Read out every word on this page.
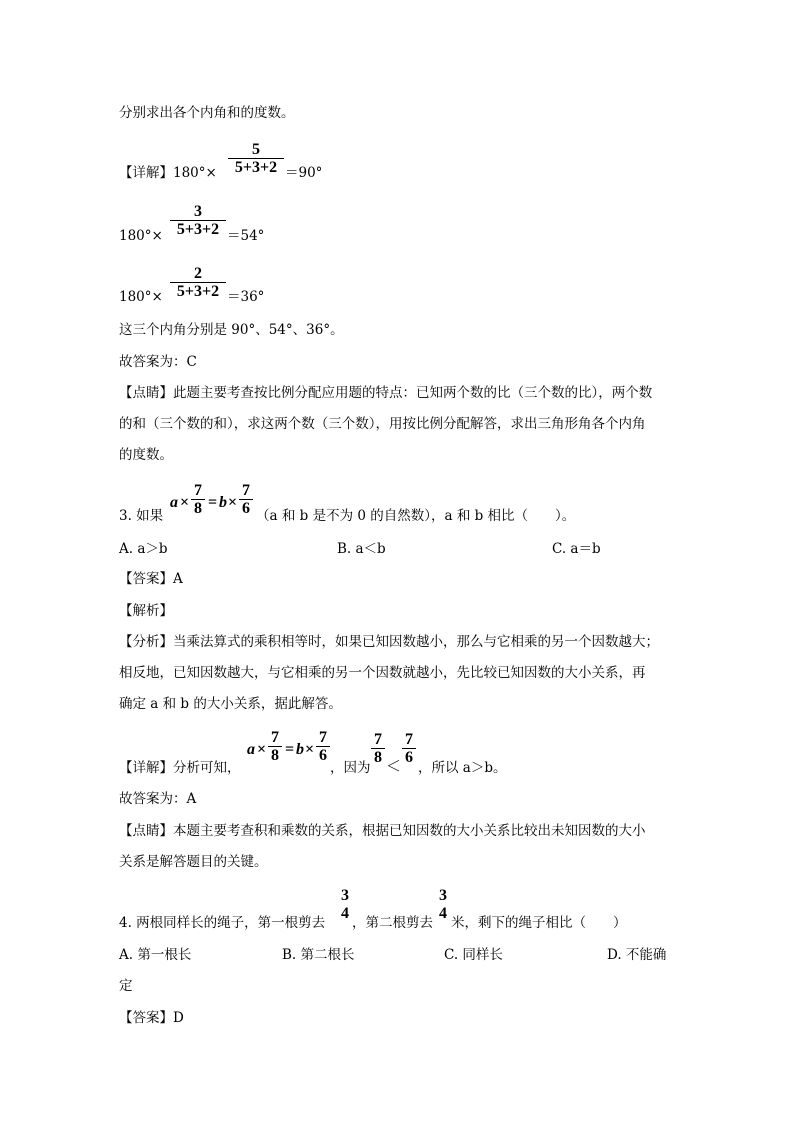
分别求出各个内角和的度数。
【详解】180°×
5
5+3+2 ＝90°
180°×
3
5+3+2 ＝54°
180°×
2
5+3+2 ＝36°
这三个内角分别是 90°、54°、36°。
故答案为：C
【点睛】此题主要考查按比例分配应用题的特点：已知两个数的比（三个数的比），两个数
的和（三个数的和），求这两个数（三个数），用按比例分配解答，求出三角形角各个内角
的度数。
3. 如果
a ×
7
8 = b ×
7
6 （a 和 b 是不为 0 的自然数），a 和 b 相比（　　）。
A. a＞b	B. a＜b	C. a＝b
【答案】A
【解析】
【分析】当乘法算式的乘积相等时，如果已知因数越小，那么与它相乘的另一个因数越大；
相反地，已知因数越大，与它相乘的另一个因数就越小，先比较已知因数的大小关系，再
确定 a 和 b 的大小关系，据此解答。
【详解】分析可知，
a ×
7
8 = b ×
7
6
，因为
7
8 ＜
7
6
，所以 a＞b。
故答案为：A
【点睛】本题主要考查积和乘数的关系，根据已知因数的大小关系比较出未知因数的大小
关系是解答题目的关键。
4. 两根同样长的绳子，第一根剪去
3
4
，第二根剪去
3
4
米，剩下的绳子相比（　　）
A. 第一根长	B. 第二根长	C. 同样长	D. 不能确
定
【答案】D
